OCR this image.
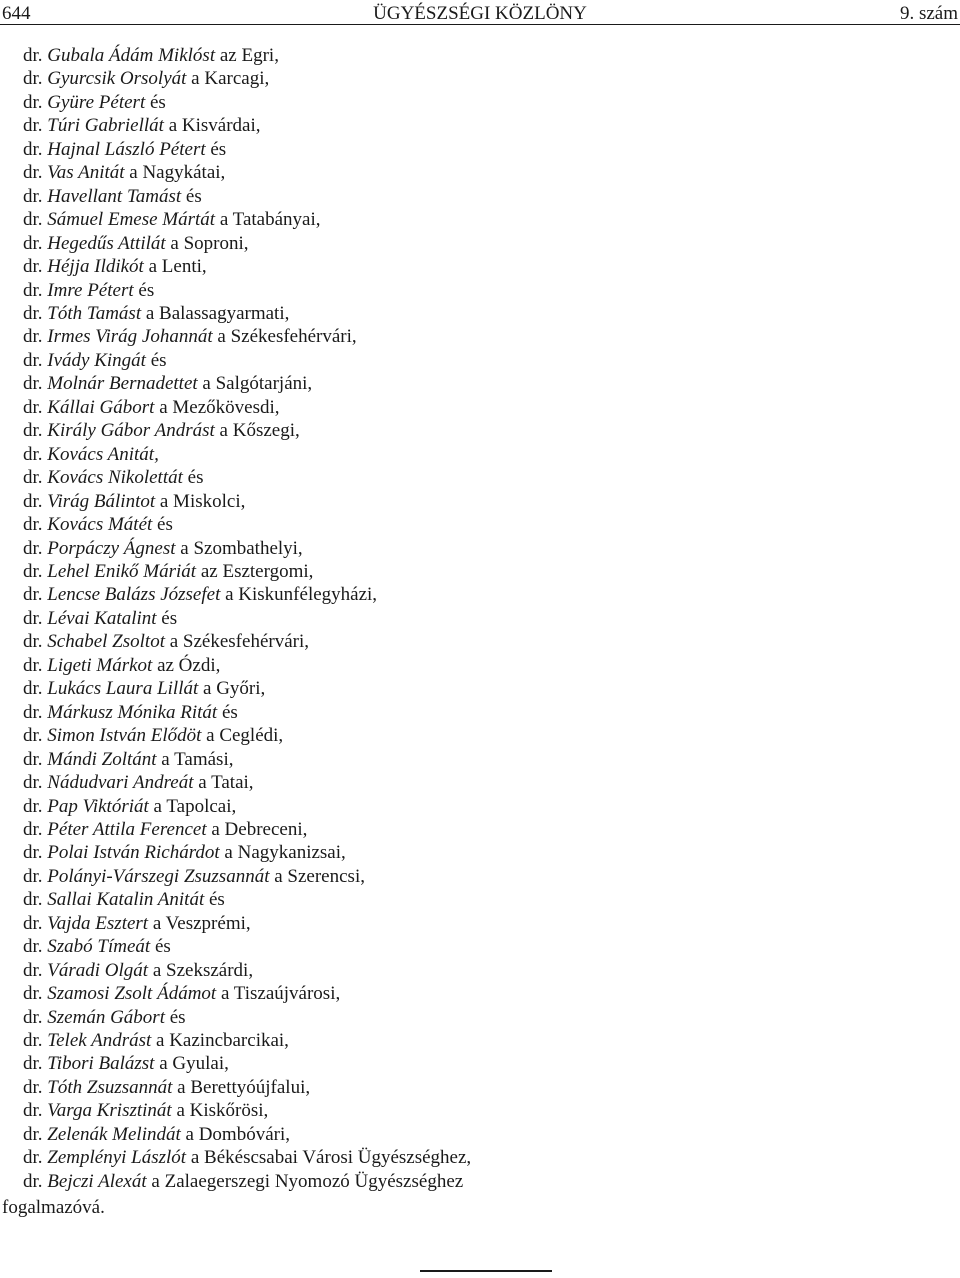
ÜGYÉSZSÉGI KÖZLÖNY
644	9. szám
dr. Gubala Ádám Miklóst az Egri,
dr. Gyurcsik Orsolyát a Karcagi,
dr. Gyüre Pétert és
dr. Túri Gabriellát a Kisvárdai,
dr. Hajnal László Pétert és
dr. Vas Anitát a Nagykátai,
dr. Havellant Tamást és
dr. Sámuel Emese Mártát a Tatabányai,
dr. Hegedűs Attilát a Soproni,
dr. Héjja Ildikót a Lenti,
dr. Imre Pétert és
dr. Tóth Tamást a Balassagyarmati,
dr. Irmes Virág Johannát a Székesfehérvári,
dr. Ivády Kingát és
dr. Molnár Bernadettet a Salgótarjáni,
dr. Kállai Gábort a Mezőkövesdi,
dr. Király Gábor Andrást a Kőszegi,
dr. Kovács Anitát,
dr. Kovács Nikolettát és
dr. Virág Bálintot a Miskolci,
dr. Kovács Mátét és
dr. Porpáczy Ágnest a Szombathelyi,
dr. Lehel Enikő Máriát az Esztergomi,
dr. Lencse Balázs Józsefet a Kiskunfélegyházi,
dr. Lévai Katalint és
dr. Schabel Zsoltot a Székesfehérvári,
dr. Ligeti Márkot az Ózdi,
dr. Lukács Laura Lillát a Győri,
dr. Márkusz Mónika Ritát és
dr. Simon István Elődöt a Ceglédi,
dr. Mándi Zoltánt a Tamási,
dr. Nádudvari Andreát a Tatai,
dr. Pap Viktóriát a Tapolcai,
dr. Péter Attila Ferencet a Debreceni,
dr. Polai István Richárdot a Nagykanizsai,
dr. Polányi-Várszegi Zsuzsannát a Szerencsi,
dr. Sallai Katalin Anitát és
dr. Vajda Esztert a Veszprémi,
dr. Szabó Tímeát és
dr. Váradi Olgát a Szekszárdi,
dr. Szamosi Zsolt Ádámot a Tiszaújvárosi,
dr. Szemán Gábort és
dr. Telek Andrást a Kazincbarcikai,
dr. Tibori Balázst a Gyulai,
dr. Tóth Zsuzsannát a Berettyóújfalui,
dr. Varga Krisztinát a Kiskőrösi,
dr. Zelenák Melindát a Dombóvári,
dr. Zemplényi Lászlót a Békéscsabai Városi Ügyészséghez,
dr. Bejczi Alexát a Zalaegerszegi Nyomozó Ügyészséghez
fogalmazóvá.
